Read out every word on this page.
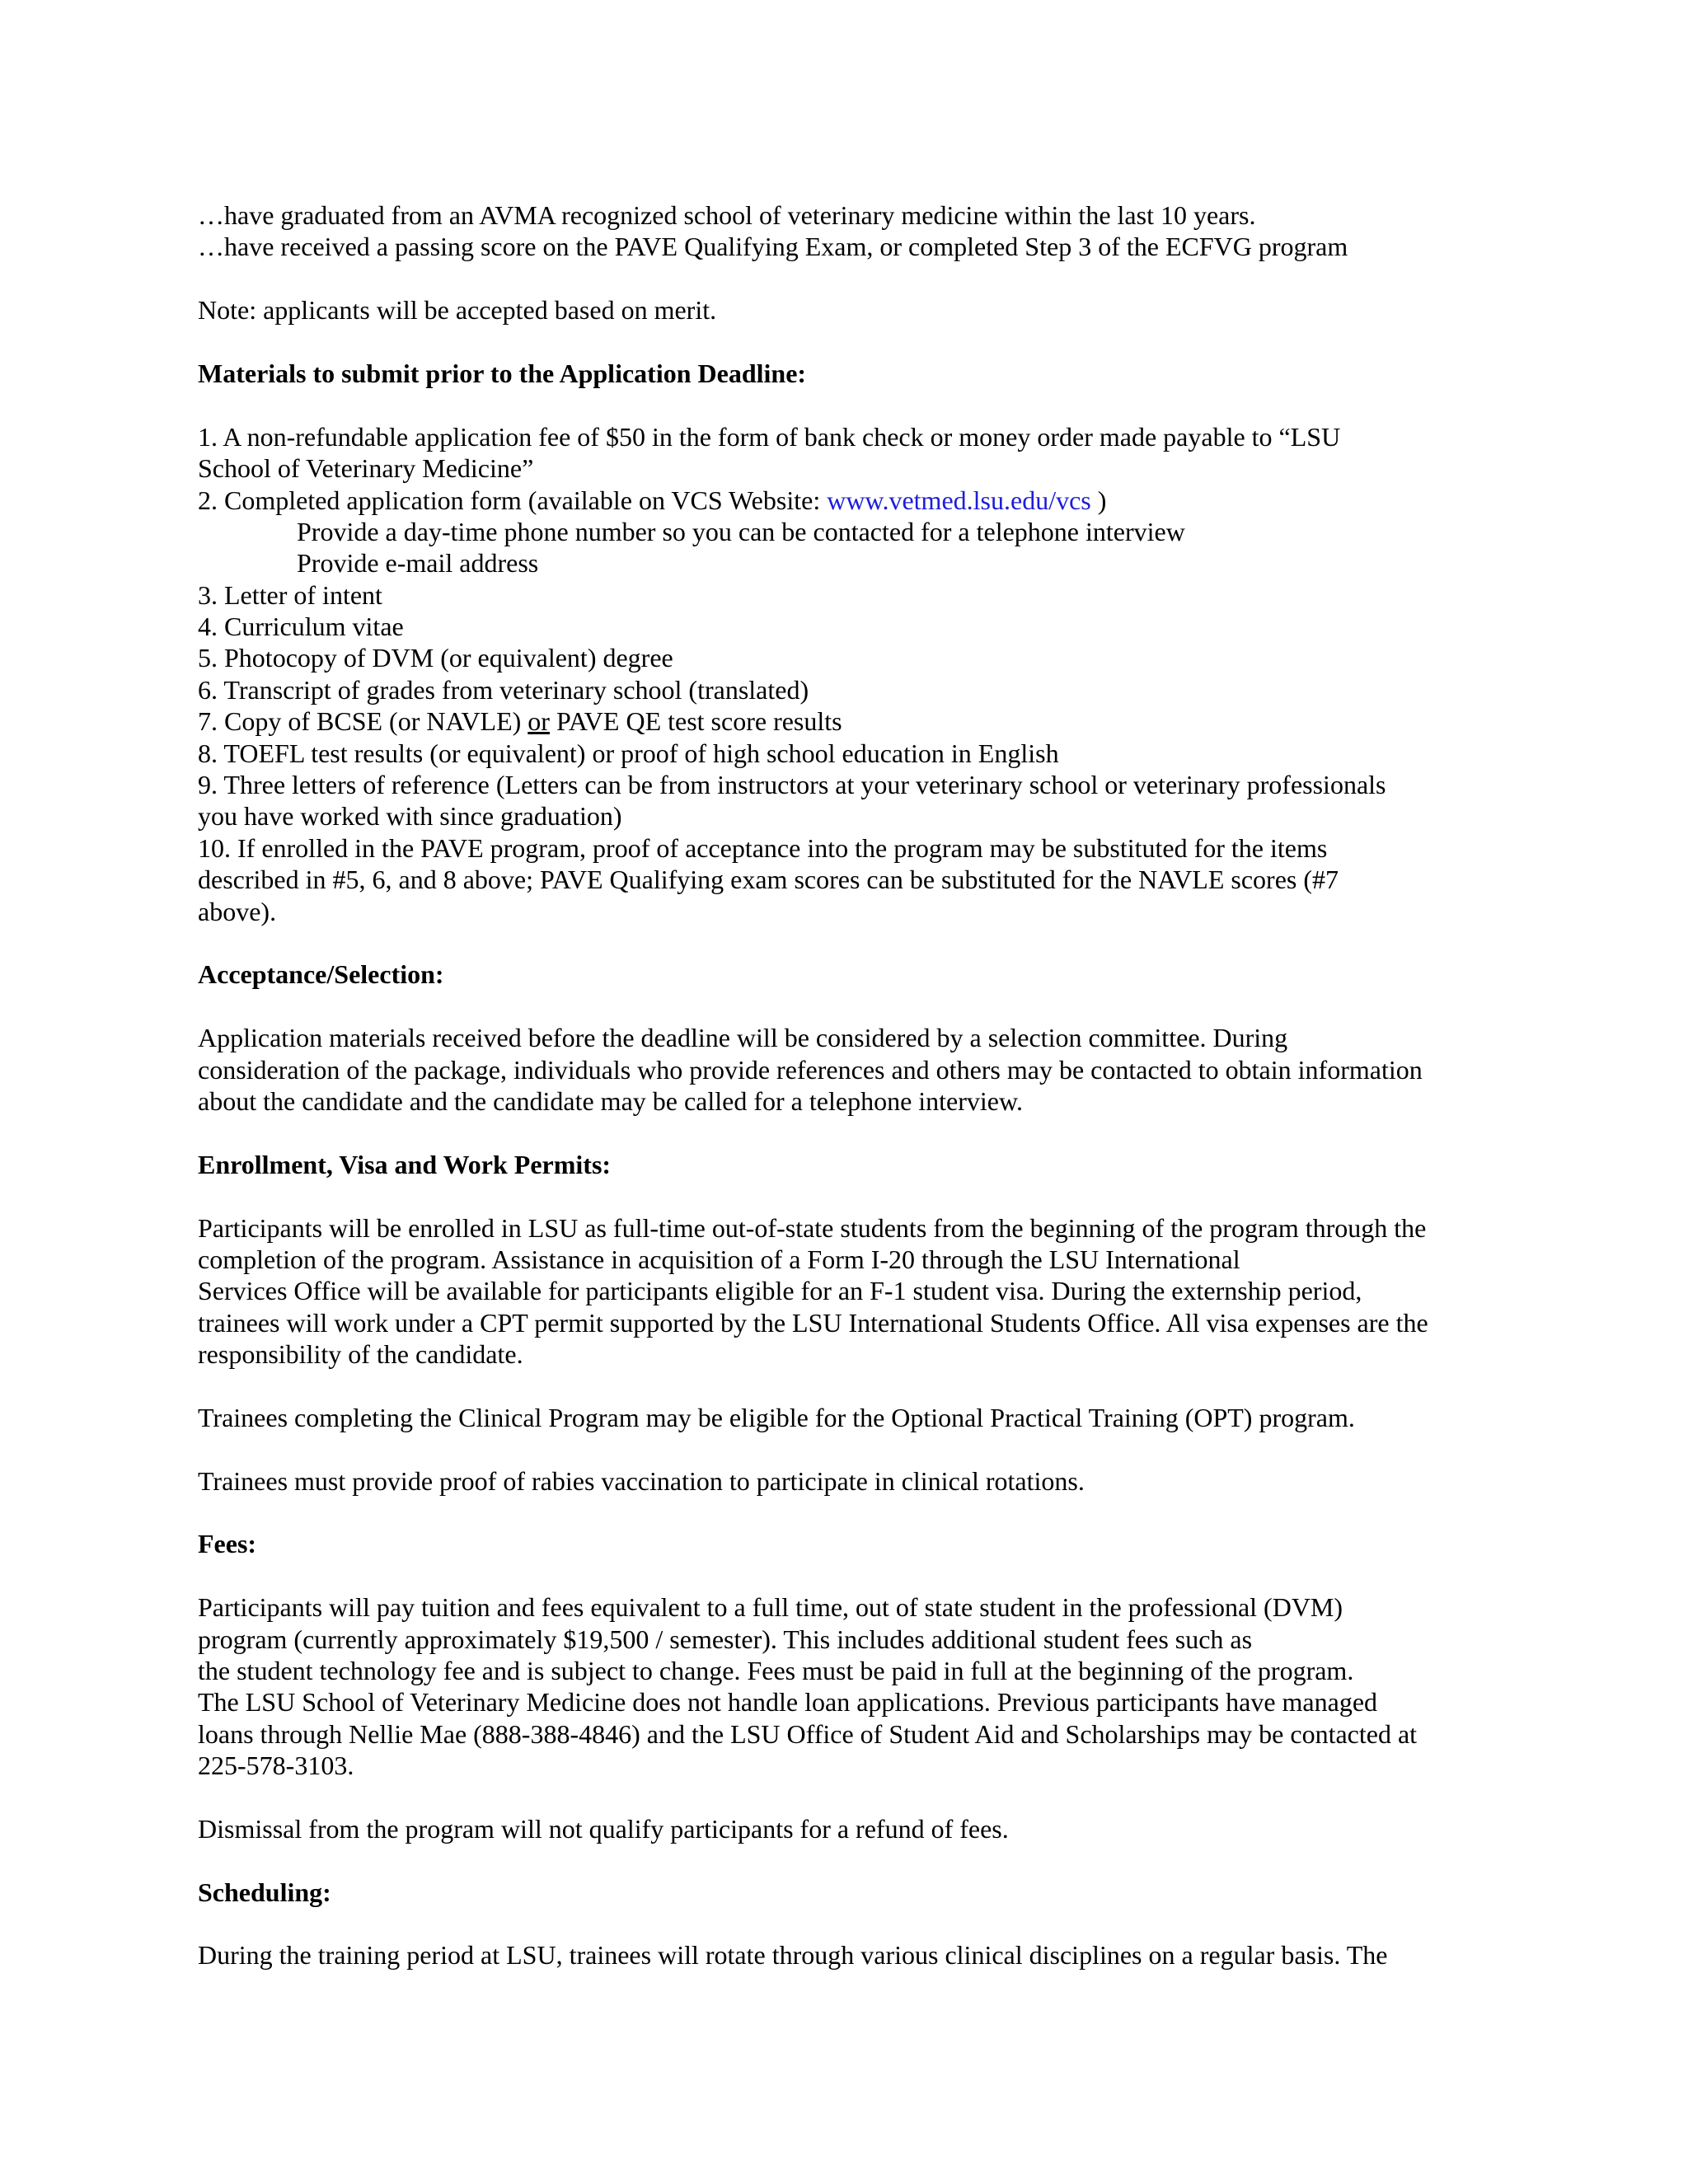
…have graduated from an AVMA recognized school of veterinary medicine within the last 10 years.
…have received a passing score on the PAVE Qualifying Exam, or completed Step 3 of the ECFVG program
Note: applicants will be accepted based on merit.
Materials to submit prior to the Application Deadline:
1. A non-refundable application fee of $50 in the form of bank check or money order made payable to “LSU
School of Veterinary Medicine”
2. Completed application form (available on VCS Website: www.vetmed.lsu.edu/vcs )
Provide a day-time phone number so you can be contacted for a telephone interview
Provide e-mail address
3. Letter of intent
4. Curriculum vitae
5. Photocopy of DVM (or equivalent) degree
6. Transcript of grades from veterinary school (translated)
7. Copy of BCSE (or NAVLE) or PAVE QE test score results
8. TOEFL test results (or equivalent) or proof of high school education in English
9. Three letters of reference (Letters can be from instructors at your veterinary school or veterinary professionals
you have worked with since graduation)
10. If enrolled in the PAVE program, proof of acceptance into the program may be substituted for the items
described in #5, 6, and 8 above; PAVE Qualifying exam scores can be substituted for the NAVLE scores (#7
above).
Acceptance/Selection:
Application materials received before the deadline will be considered by a selection committee. During
consideration of the package, individuals who provide references and others may be contacted to obtain information
about the candidate and the candidate may be called for a telephone interview.
Enrollment, Visa and Work Permits:
Participants will be enrolled in LSU as full-time out-of-state students from the beginning of the program through the
completion of the program. Assistance in acquisition of a Form I-20 through the LSU International
Services Office will be available for participants eligible for an F-1 student visa. During the externship period,
trainees will work under a CPT permit supported by the LSU International Students Office. All visa expenses are the
responsibility of the candidate.
Trainees completing the Clinical Program may be eligible for the Optional Practical Training (OPT) program.
Trainees must provide proof of rabies vaccination to participate in clinical rotations.
Fees:
Participants will pay tuition and fees equivalent to a full time, out of state student in the professional (DVM)
program (currently approximately $19,500 / semester). This includes additional student fees such as
the student technology fee and is subject to change. Fees must be paid in full at the beginning of the program.
The LSU School of Veterinary Medicine does not handle loan applications. Previous participants have managed
loans through Nellie Mae (888-388-4846) and the LSU Office of Student Aid and Scholarships may be contacted at
225-578-3103.
Dismissal from the program will not qualify participants for a refund of fees.
Scheduling:
During the training period at LSU, trainees will rotate through various clinical disciplines on a regular basis. The
